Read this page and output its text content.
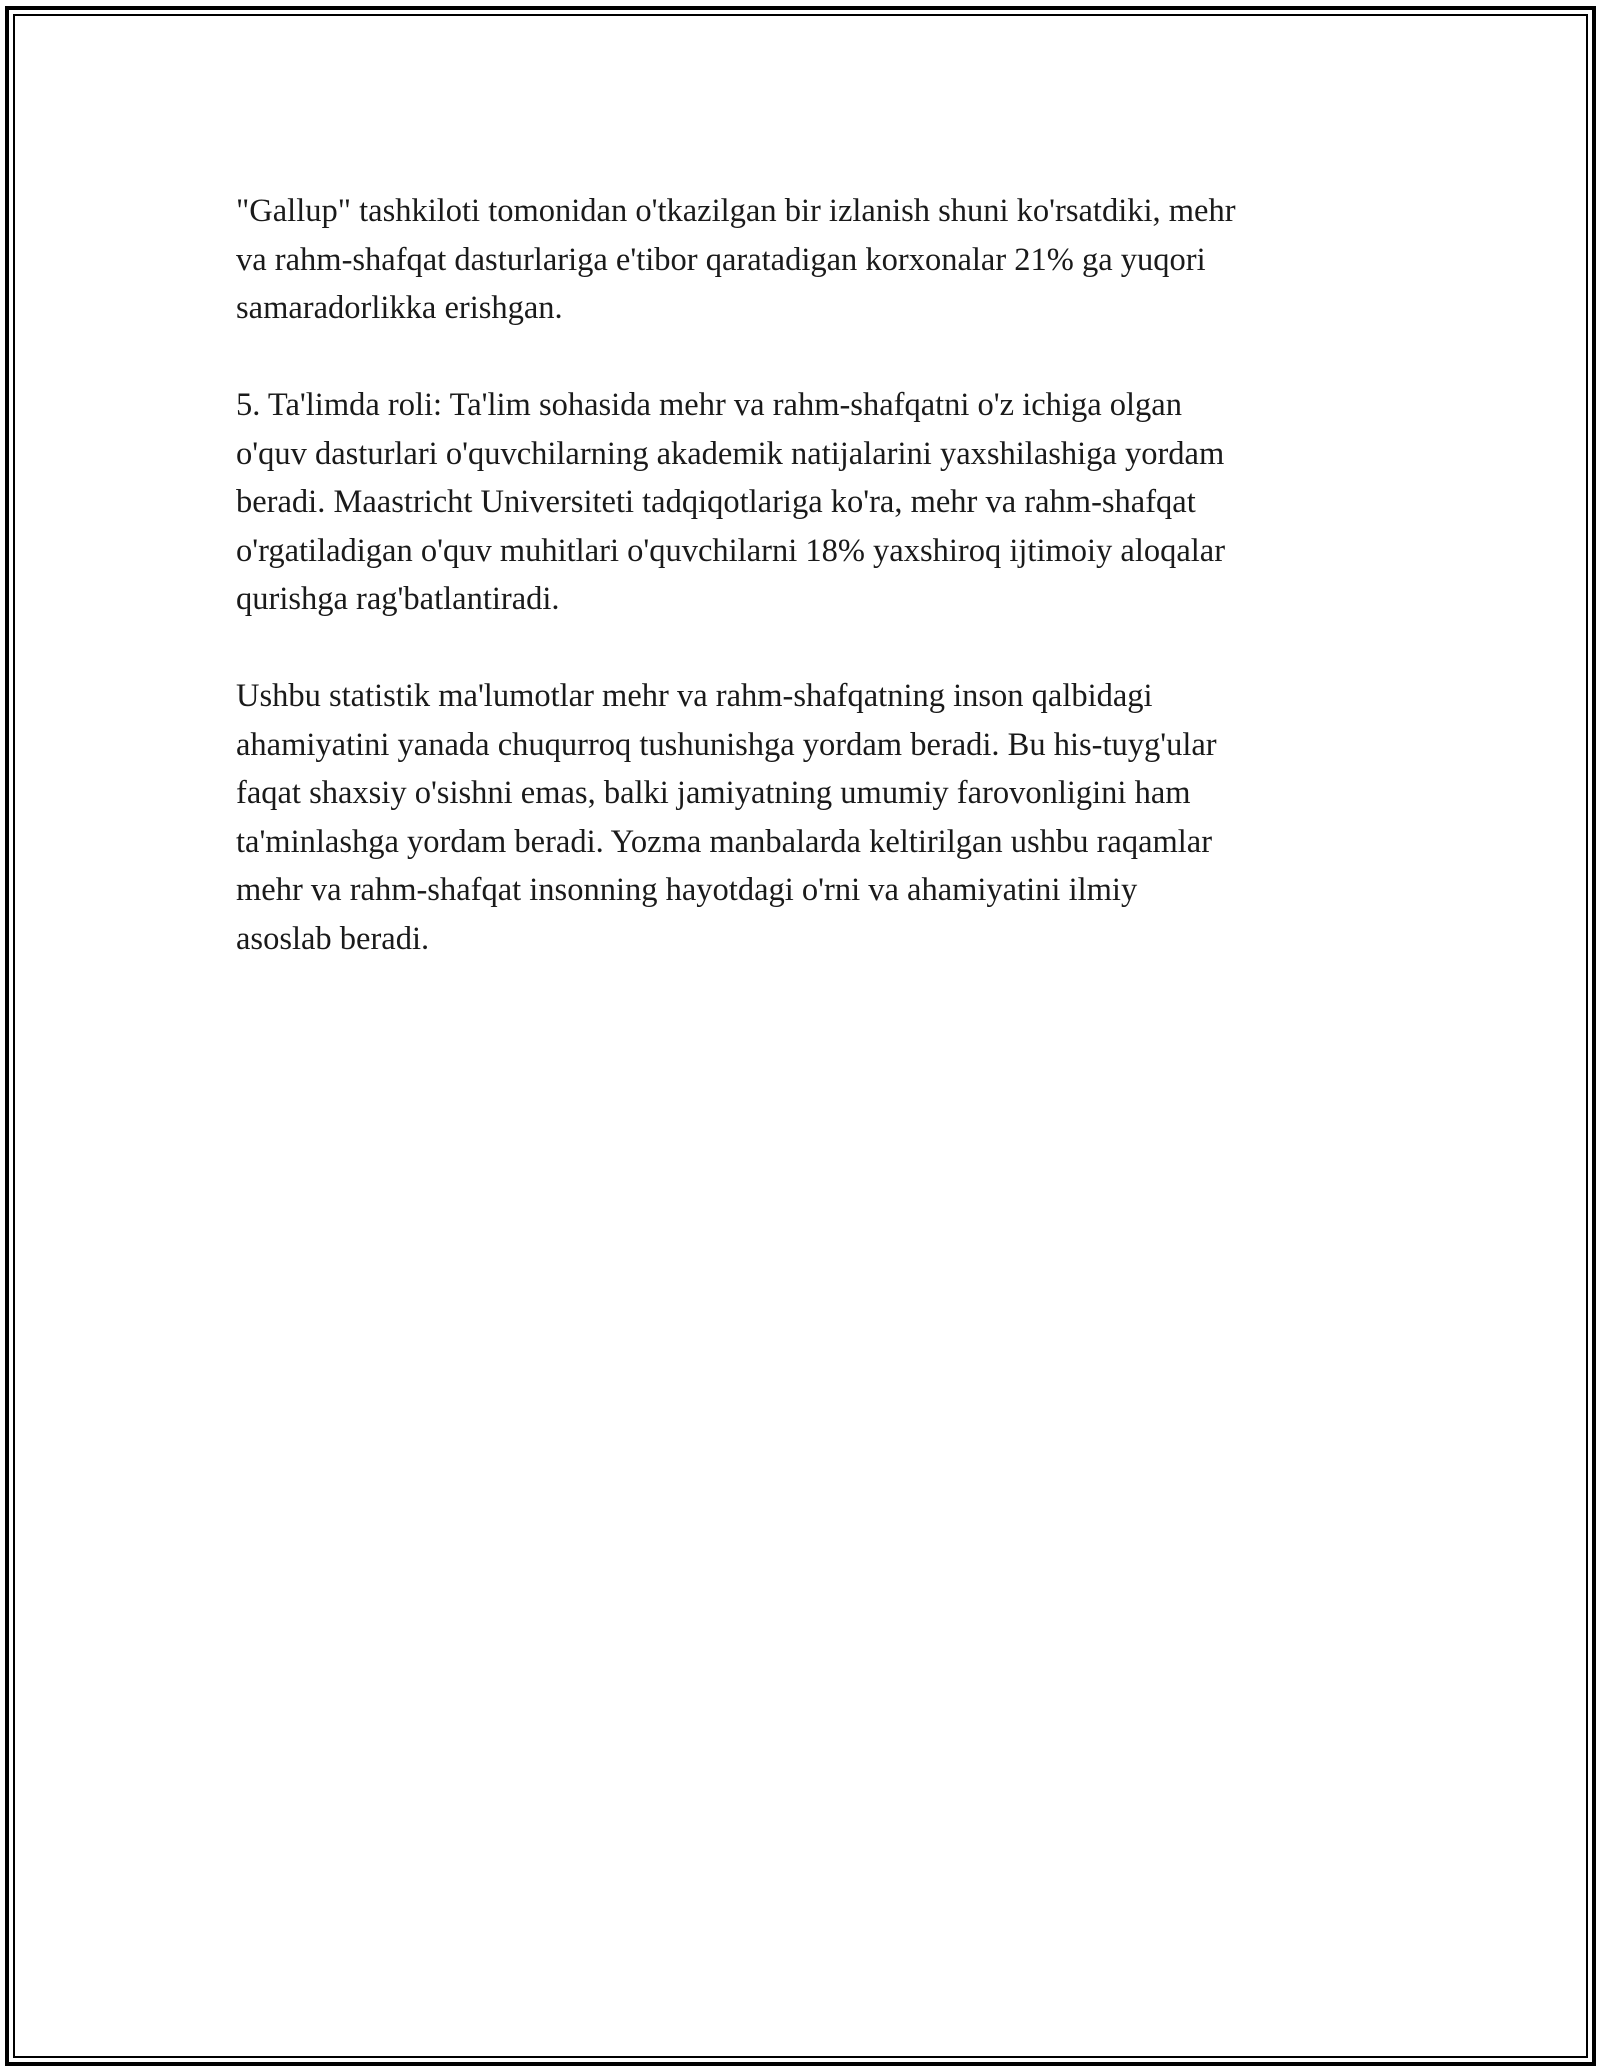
"Gallup" tashkiloti tomonidan o'tkazilgan bir izlanish shuni ko'rsatdiki, mehr
va rahm-shafqat dasturlariga e'tibor qaratadigan korxonalar 21% ga yuqori
samaradorlikka erishgan.

5. Ta'limda roli: Ta'lim sohasida mehr va rahm-shafqatni o'z ichiga olgan
o'quv dasturlari o'quvchilarning akademik natijalarini yaxshilashiga yordam
beradi. Maastricht Universiteti tadqiqotlariga ko'ra, mehr va rahm-shafqat
o'rgatiladigan o'quv muhitlari o'quvchilarni 18% yaxshiroq ijtimoiy aloqalar
qurishga rag'batlantiradi.

Ushbu statistik ma'lumotlar mehr va rahm-shafqatning inson qalbidagi
ahamiyatini yanada chuqurroq tushunishga yordam beradi. Bu his-tuyg'ular
faqat shaxsiy o'sishni emas, balki jamiyatning umumiy farovonligini ham
ta'minlashga yordam beradi. Yozma manbalarda keltirilgan ushbu raqamlar
mehr va rahm-shafqat insonning hayotdagi o'rni va ahamiyatini ilmiy
asoslab beradi.
